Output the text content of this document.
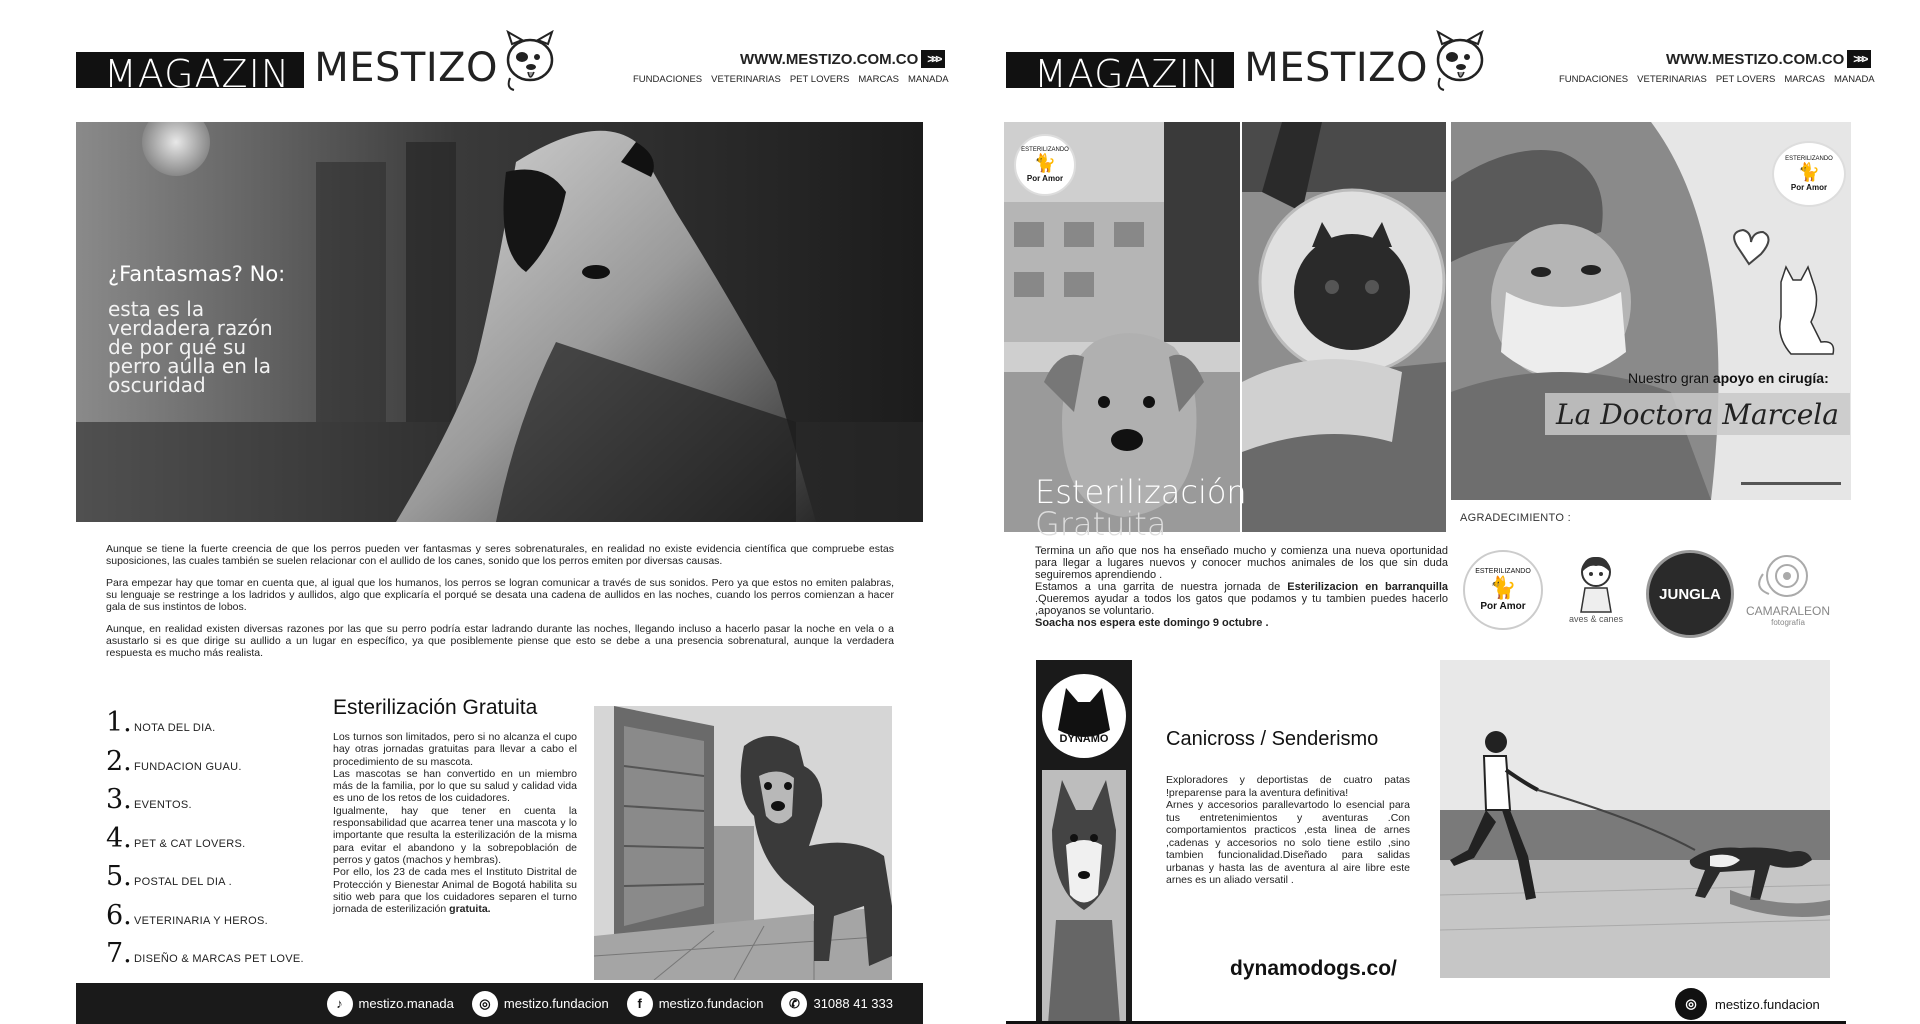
MAGAZIN MESTIZO	WWW.MESTIZO.COM.CO >>>
FUNDACIONES VETERINARIAS PET LOVERS MARCAS MANADA
¿Fantasmas? No:
esta es la verdadera razón de por qué su perro aúlla en la oscuridad

Aunque se tiene la fuerte creencia de que los perros pueden ver fantasmas y seres sobrenaturales, en realidad no existe evidencia científica que compruebe estas suposiciones, las cuales también se suelen relacionar con el aullido de los canes, sonido que los perros emiten por diversas causas.

Para empezar hay que tomar en cuenta que, al igual que los humanos, los perros se logran comunicar a través de sus sonidos. Pero ya que estos no emiten palabras, su lenguaje se restringe a los ladridos y aullidos, algo que explicaría el porqué se desata una cadena de aullidos en las noches, cuando los perros comienzan a hacer gala de sus instintos de lobos.

Aunque, en realidad existen diversas razones por las que su perro podría estar ladrando durante las noches, llegando incluso a hacerlo pasar la noche en vela o a asustarlo si es que dirige su aullido a un lugar en específico, ya que posiblemente piense que esto se debe a una presencia sobrenatural, aunque la verdadera respuesta es mucho más realista.

1. NOTA DEL DIA.
2. FUNDACION GUAU.
3. EVENTOS.
4. PET & CAT LOVERS.
5. POSTAL DEL DIA .
6. VETERINARIA Y HEROS.
7. DISEÑO & MARCAS PET LOVE.
Esterilización Gratuita
Los turnos son limitados, pero si no alcanza el cupo hay otras jornadas gratuitas para llevar a cabo el procedimiento de su mascota.
Las mascotas se han convertido en un miembro más de la familia, por lo que su salud y calidad vida es uno de los retos de los cuidadores.
Igualmente, hay que tener en cuenta la responsabilidad que acarrea tener una mascota y lo importante que resulta la esterilización de la misma para evitar el abandono y la sobrepoblación de perros y gatos (machos y hembras).
Por ello, los 23 de cada mes el Instituto Distrital de Protección y Bienestar Animal de Bogotá habilita su sitio web para que los cuidadores separen el turno jornada de esterilización gratuita.
♪	mestizo.manada	◎	mestizo.fundacion	f	mestizo.fundacion	✆	31088 41 333
MAGAZIN MESTIZO	WWW.MESTIZO.COM.CO >>>
FUNDACIONES VETERINARIAS PET LOVERS MARCAS MANADA
ESTERILIZANDO
🐈
Por Amor
ESTERILIZANDO
🐈
Por Amor
Nuestro gran apoyo en cirugía:
La Doctora Marcela
Esterilización
Gratuita
Termina un año que nos ha enseñado mucho y comienza una nueva oportunidad para llegar a lugares nuevos y conocer muchos animales de los que sin duda seguiremos aprendiendo .
Estamos a una garrita de nuestra jornada de Esterilizacion en barranquilla .Queremos ayudar a todos los gatos que podamos y tu tambien puedes hacerlo ,apoyanos se voluntario.
Soacha nos espera este domingo 9 octubre .
AGRADECIMIENTO :
ESTERILIZANDO
🐈
Por Amor
aves & canes
JUNGLA
CAMARALEON
fotografía
DYNAMO	Canicross / Senderismo
Exploradores y deportistas de cuatro patas !preparense para la aventura definitiva!
Arnes y accesorios parallevartodo lo esencial para tus entretenimientos y aventuras .Con comportamientos practicos ,esta linea de arnes ,cadenas y accesorios no solo tiene estilo ,sino tambien funcionalidad.Diseñado para salidas urbanas y hasta las de aventura al aire libre este arnes es un aliado versatil .
dynamodogs.co/
◎	mestizo.fundacion
